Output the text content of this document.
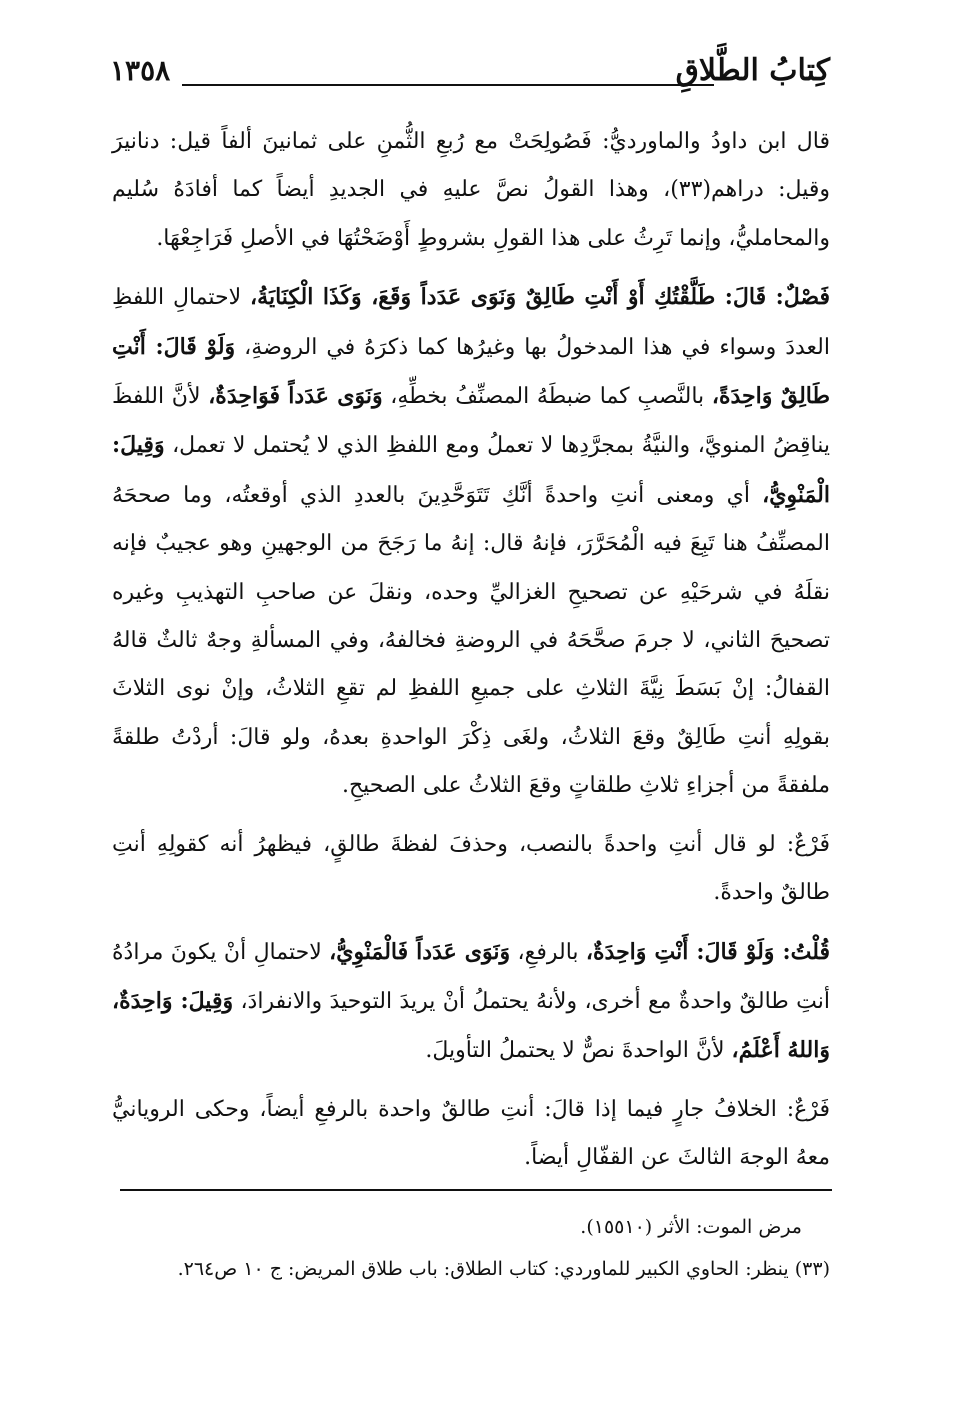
كِتابُ الطَّلاقِ
١٣٥٨

قال ابن داودُ والماورديُّ: فَصُولِحَتْ مع رُبعِ الثُّمنِ على ثمانينَ ألفاً قيل: دنانيرَ وقيل: دراهم(٣٣)، وهذا القولُ نصَّ عليهِ في الجديدِ أيضاً كما أفادَهُ سُليم والمحامليُّ، وإنما تَرِثُ على هذا القولِ بشروطٍ أَوْضَحْتُهَا في الأصلِ فَرَاجِعْهَا.

فَصْلٌ: قَالَ: طَلَّقْتُكِ أَوْ أَنْتِ طَالِقٌ وَنَوَى عَدَداً وَقَعَ، وَكَذَا الْكِنَايَةُ، لاحتمالِ اللفظِ العددَ وسواء في هذا المدخولُ بها وغيرُها كما ذكرَهُ في الروضةِ، وَلَوْ قَالَ: أَنْتِ طَالِقٌ وَاحِدَةً، بالنَّصبِ كما ضبطَهُ المصنِّفُ بخطِّهِ، وَنَوَى عَدَداً فَوَاحِدَةٌ، لأنَّ اللفظَ يناقِضُ المنويَّ، والنيَّةُ بمجرَّدِها لا تعملُ ومع اللفظِ الذي لا يُحتمل لا تعمل، وَقِيلَ: الْمَنْوِيُّ، أي ومعنى أنتِ واحدةً أنَّكِ تَتَوَحَّدِينَ بالعددِ الذي أوقعتُه، وما صححَهُ المصنِّفُ هنا تَبِعَ فيه الْمُحَرَّرَ، فإنهُ قال: إنهُ ما رَجَحَ من الوجهينِ وهو عجيبٌ فإنه نقلَهُ في شرحَيْهِ عن تصحيحِ الغزاليِّ وحده، ونقلَ عن صاحبِ التهذيبِ وغيره تصحيحَ الثاني، لا جرمَ صحَّحَهُ في الروضةِ فخالفهُ، وفي المسألةِ وجهٌ ثالثٌ قالهُ القفالُ: إنْ بَسَطَ نِيَّةَ الثلاثِ على جميعِ اللفظِ لم تقعِ الثلاثُ، وإنْ نوى الثلاثَ بقولِهِ أنتِ طَالِقٌ وقعَ الثلاثُ، ولغَى ذِكْرَ الواحدةِ بعدهُ، ولو قالَ: أردْتُ طلقةً ملفقةً من أجزاءِ ثلاثِ طلقاتٍ وقعَ الثلاثُ على الصحيحِ.

فَرْعٌ: لو قال أنتِ واحدةً بالنصب، وحذفَ لفظةَ طالقٍ، فيظهرُ أنه كقولِهِ أنتِ طالقٌ واحدةً.

قُلْتُ: وَلَوْ قَالَ: أَنْتِ وَاحِدَةٌ، بالرفعِ، وَنَوَى عَدَداً فَالْمَنْوِيُّ، لاحتمالِ أنْ يكونَ مرادُهُ أنتِ طالقٌ واحدةٌ مع أخرى، ولأنهُ يحتملُ أنْ يريدَ التوحيدَ والانفرادَ، وَقِيلَ: وَاحِدَةٌ، وَاللهُ أَعْلَمُ، لأنَّ الواحدةَ نصٌّ لا يحتملُ التأويلَ.

فَرْعٌ: الخلافُ جارٍ فيما إذا قالَ: أنتِ طالقٌ واحدة بالرفعِ أيضاً، وحكى الرويانيُّ معهُ الوجهَ الثالثَ عن القفّالِ أيضاً.

مرض الموت: الأثر (١٥٥١٠).

(٣٣) ينظر: الحاوي الكبير للماوردي: كتاب الطلاق: باب طلاق المريض: ج ١٠ ص٢٦٤.
